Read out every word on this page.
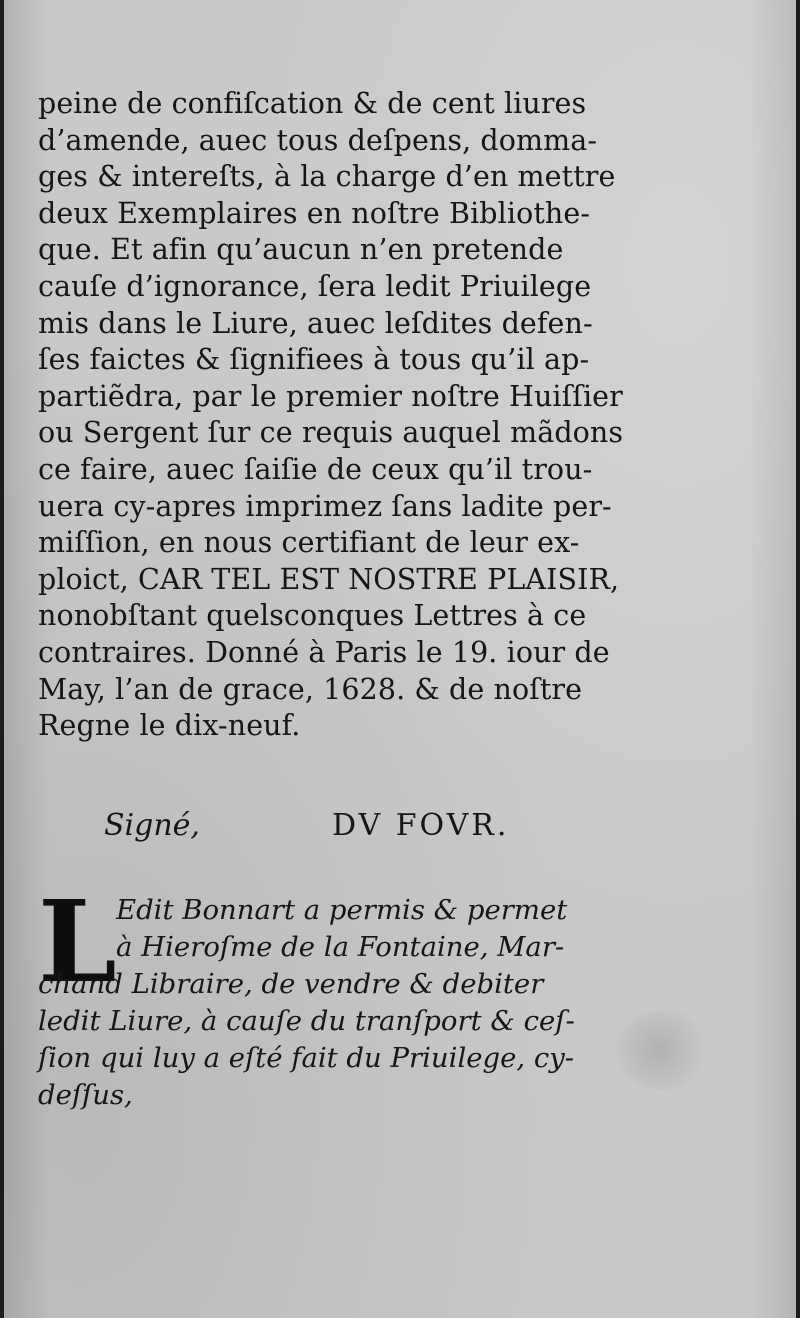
peine de confiſcation & de cent liures
d’amende, auec tous deſpens, domma-
ges & intereſts, à la charge d’en mettre
deux Exemplaires en noſtre Bibliothe-
que. Et afin qu’aucun n’en pretende
cauſe d’ignorance, ſera ledit Priuilege
mis dans le Liure, auec leſdites defen-
ſes faictes & ſignifiees à tous qu’il ap-
partiẽdra, par le premier noſtre Huiſſier
ou Sergent ſur ce requis auquel mãdons
ce faire, auec ſaiſie de ceux qu’il trou-
uera cy-apres imprimez ſans ladite per-
miſſion, en nous certifiant de leur ex-
ploict, CAR TEL EST NOSTRE PLAISIR,
nonobſtant quelsconques Lettres à ce
contraires. Donné à Paris le 19. iour de
May, l’an de grace, 1628. & de noſtre
Regne le dix-neuf.
Signé,	DV FOVR.
L Edit Bonnart a permis & permet
à Hieroſme de la Fontaine, Mar-
chand Libraire, de vendre & debiter
ledit Liure, à cauſe du tranſport & ceſ-
ſion qui luy a eſté fait du Priuilege, cy-
deſſus,
